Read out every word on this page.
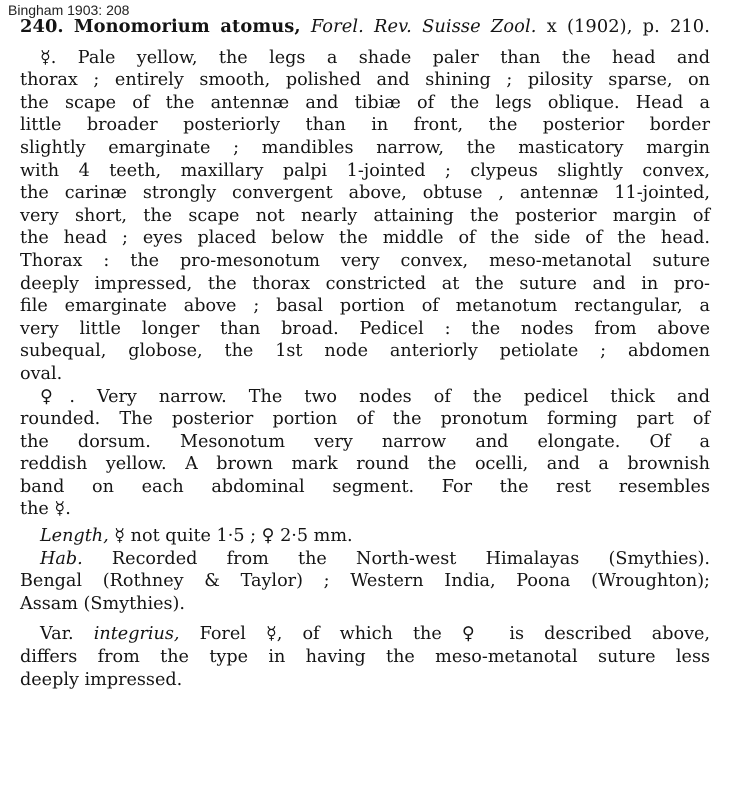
Bingham 1903: 208
240. Monomorium atomus, Forel. Rev. Suisse Zool. x (1902), p. 210.
☿. Pale yellow, the legs a shade paler than the head and
thorax ; entirely smooth, polished and shining ; pilosity sparse, on
the scape of the antennæ and tibiæ of the legs oblique. Head a
little broader posteriorly than in front, the posterior border
slightly emarginate ; mandibles narrow, the masticatory margin
with 4 teeth, maxillary palpi 1-jointed ; clypeus slightly convex,
the carinæ strongly convergent above, obtuse , antennæ 11-jointed,
very short, the scape not nearly attaining the posterior margin of
the head ; eyes placed below the middle of the side of the head.
Thorax : the pro-mesonotum very convex, meso-metanotal suture
deeply impressed, the thorax constricted at the suture and in pro-
file emarginate above ; basal portion of metanotum rectangular, a
very little longer than broad. Pedicel : the nodes from above
subequal, globose, the 1st node anteriorly petiolate ; abdomen
oval.
♀. Very narrow. The two nodes of the pedicel thick and
rounded. The posterior portion of the pronotum forming part of
the dorsum. Mesonotum very narrow and elongate. Of a
reddish yellow. A brown mark round the ocelli, and a brownish
band on each abdominal segment. For the rest resembles
the ☿.
Length, ☿ not quite 1·5 ; ♀ 2·5 mm.
Hab. Recorded from the North-west Himalayas (Smythies).
Bengal (Rothney & Taylor) ; Western India, Poona (Wroughton);
Assam (Smythies).
Var. integrius, Forel ☿, of which the ♀ is described above,
differs from the type in having the meso-metanotal suture less
deeply impressed.
